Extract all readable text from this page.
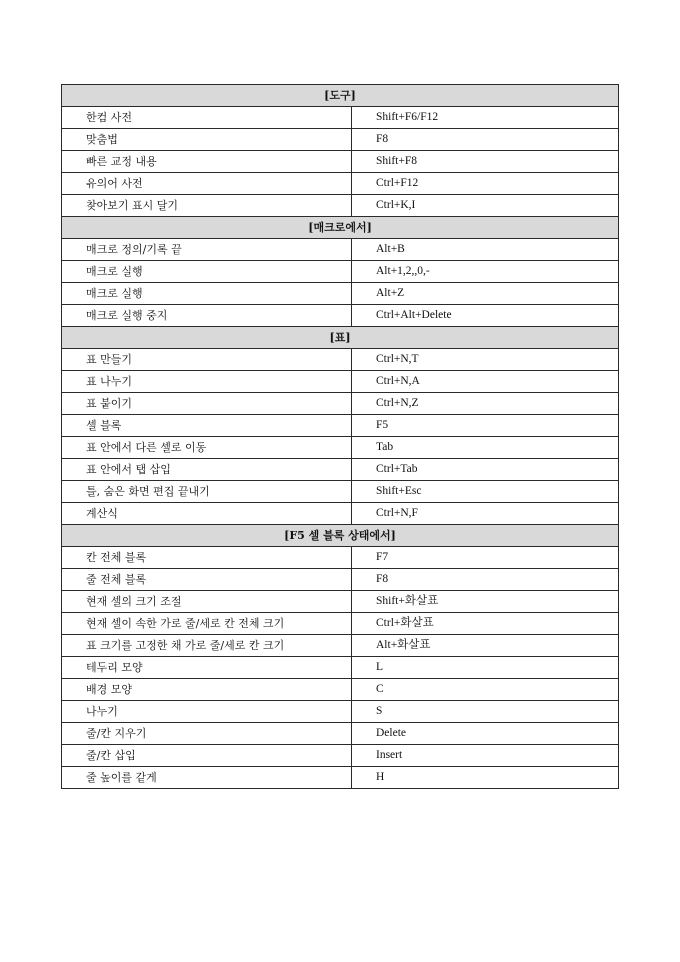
[도구]	
한컴 사전	Shift+F6/F12
맞춤법	F8
빠른 교정 내용	Shift+F8
유의어 사전	Ctrl+F12
찾아보기 표시 달기	Ctrl+K,I
[매크로에서]	
매크로 정의/기록 끝	Alt+B
매크로 실행	Alt+1,2,,0,-
매크로 실행	Alt+Z
매크로 실행 중지	Ctrl+Alt+Delete
[표]	
표 만들기	Ctrl+N,T
표 나누기	Ctrl+N,A
표 붙이기	Ctrl+N,Z
셀 블록	F5
표 안에서 다른 셀로 이동	Tab
표 안에서 탭 삽입	Ctrl+Tab
틀, 숨은 화면 편집 끝내기	Shift+Esc
계산식	Ctrl+N,F
[F5 셀 블록 상태에서]	
칸 전체 블록	F7
줄 전체 블록	F8
현재 셀의 크기 조절	Shift+화살표
현재 셀이 속한 가로 줄/세로 칸 전체 크기	Ctrl+화살표
표 크기를 고정한 채 가로 줄/세로 칸 크기	Alt+화살표
테두리 모양	L
배경 모양	C
나누기	S
줄/칸 지우기	Delete
줄/칸 삽입	Insert
줄 높이를 같게	H
